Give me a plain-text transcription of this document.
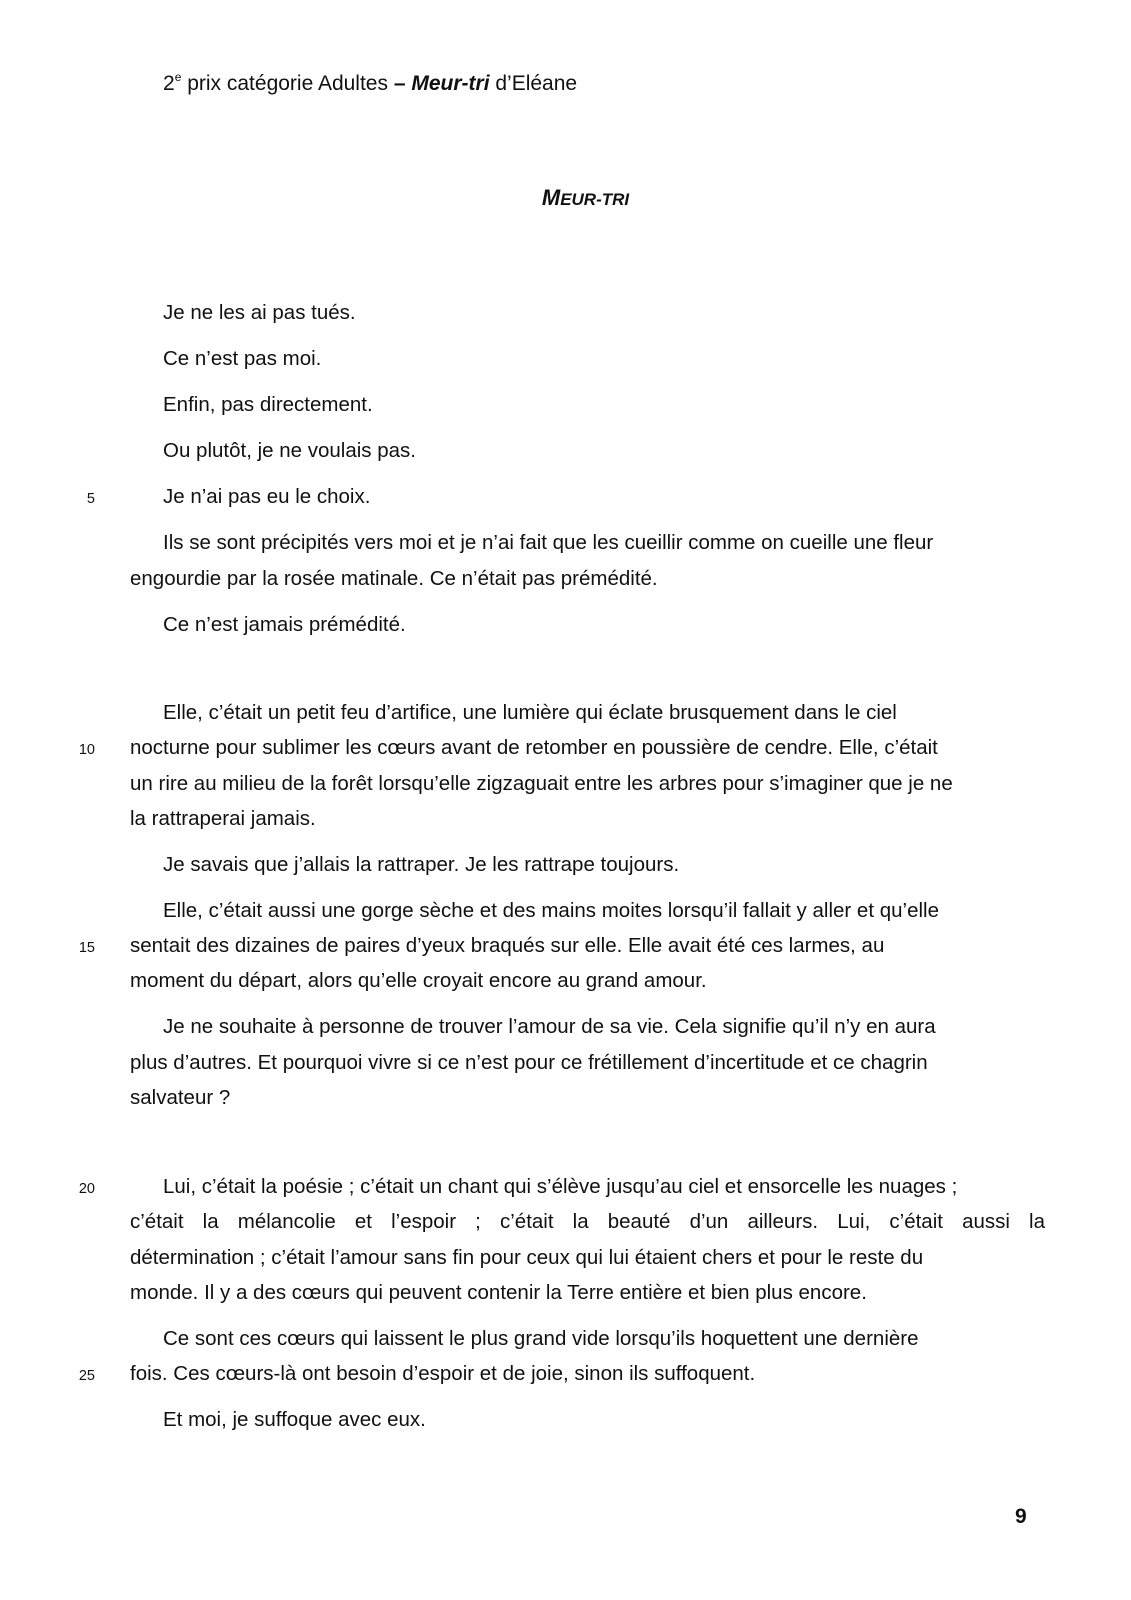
2e prix catégorie Adultes – Meur-tri d’Eléane
MEUR-TRI
Je ne les ai pas tués.
Ce n’est pas moi.
Enfin, pas directement.
Ou plutôt, je ne voulais pas.
Je n’ai pas eu le choix.
Ils se sont précipités vers moi et je n’ai fait que les cueillir comme on cueille une fleur
engourdie par la rosée matinale. Ce n’était pas prémédité.
Ce n’est jamais prémédité.
Elle, c’était un petit feu d’artifice, une lumière qui éclate brusquement dans le ciel
nocturne pour sublimer les cœurs avant de retomber en poussière de cendre. Elle, c’était
un rire au milieu de la forêt lorsqu’elle zigzaguait entre les arbres pour s’imaginer que je ne
la rattraperai jamais.
Je savais que j’allais la rattraper. Je les rattrape toujours.
Elle, c’était aussi une gorge sèche et des mains moites lorsqu’il fallait y aller et qu’elle
sentait des dizaines de paires d’yeux braqués sur elle. Elle avait été ces larmes, au
moment du départ, alors qu’elle croyait encore au grand amour.
Je ne souhaite à personne de trouver l’amour de sa vie. Cela signifie qu’il n’y en aura
plus d’autres. Et pourquoi vivre si ce n’est pour ce frétillement d’incertitude et ce chagrin
salvateur ?
Lui, c’était la poésie ; c’était un chant qui s’élève jusqu’au ciel et ensorcelle les nuages ;
c’était la mélancolie et l’espoir ; c’était la beauté d’un ailleurs. Lui, c’était aussi la
détermination ; c’était l’amour sans fin pour ceux qui lui étaient chers et pour le reste du
monde. Il y a des cœurs qui peuvent contenir la Terre entière et bien plus encore.
Ce sont ces cœurs qui laissent le plus grand vide lorsqu’ils hoquettent une dernière
fois. Ces cœurs-là ont besoin d’espoir et de joie, sinon ils suffoquent.
Et moi, je suffoque avec eux.
5
10
15
20
25
9
